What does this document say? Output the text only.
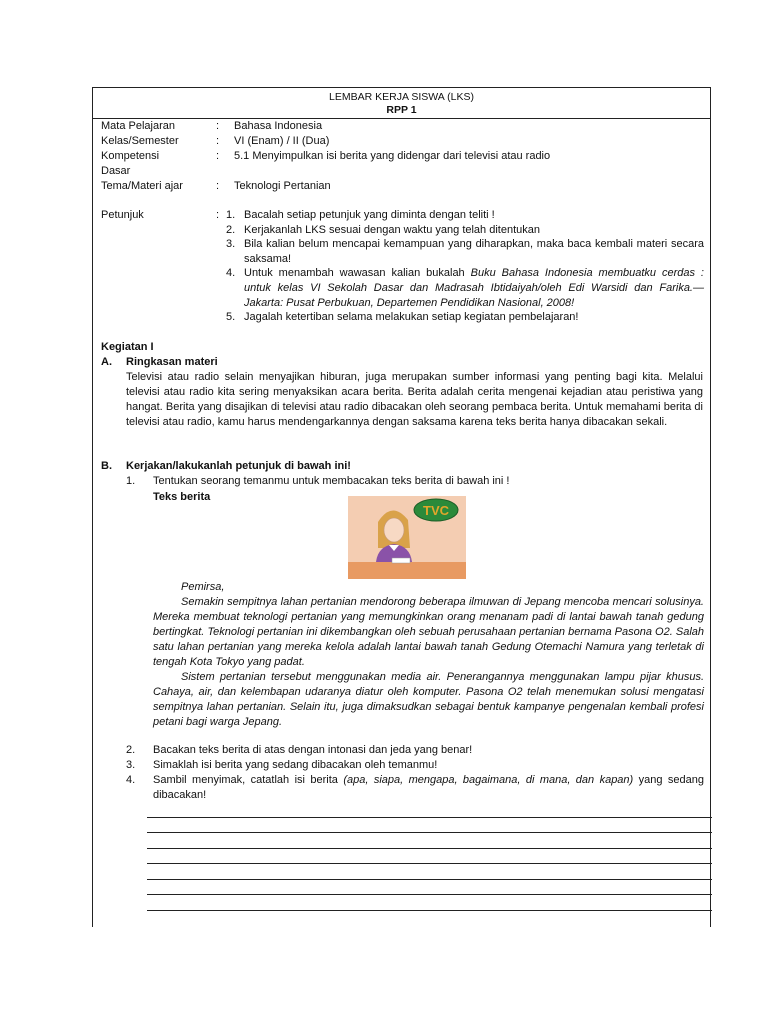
LEMBAR KERJA SISWA (LKS)
RPP 1
Mata Pelajaran	: Bahasa Indonesia
Kelas/Semester	: VI (Enam) / II (Dua)
Kompetensi	: 5.1 Menyimpulkan isi berita yang didengar dari televisi atau radio
Dasar
Tema/Materi ajar	: Teknologi Pertanian
Petunjuk	: 1. Bacalah setiap petunjuk yang diminta dengan teliti !
2. Kerjakanlah LKS sesuai dengan waktu yang telah ditentukan
3. Bila kalian belum mencapai kemampuan yang diharapkan, maka baca kembali materi secara saksama!
4. Untuk menambah wawasan kalian bukalah Buku Bahasa Indonesia membuatku cerdas : untuk kelas VI Sekolah Dasar dan Madrasah Ibtidaiyah/oleh Edi Warsidi dan Farika.— Jakarta: Pusat Perbukuan, Departemen Pendidikan Nasional, 2008!
5. Jagalah ketertiban selama melakukan setiap kegiatan pembelajaran!
Kegiatan I
A. Ringkasan materi
Televisi atau radio selain menyajikan hiburan, juga merupakan sumber informasi yang penting bagi kita. Melalui televisi atau radio kita sering menyaksikan acara berita. Berita adalah cerita mengenai kejadian atau peristiwa yang hangat. Berita yang disajikan di televisi atau radio dibacakan oleh seorang pembaca berita. Untuk memahami berita di televisi atau radio, kamu harus mendengarkannya dengan saksama karena teks berita hanya dibacakan sekali.
B. Kerjakan/lakukanlah petunjuk di bawah ini!
1. Tentukan seorang temanmu untuk membacakan teks berita di bawah ini !
Teks berita
TVC
Pemirsa,
Semakin sempitnya lahan pertanian mendorong beberapa ilmuwan di Jepang mencoba mencari solusinya. Mereka membuat teknologi pertanian yang memungkinkan orang menanam padi di lantai bawah tanah gedung bertingkat. Teknologi pertanian ini dikembangkan oleh sebuah perusahaan pertanian bernama Pasona O2. Salah satu lahan pertanian yang mereka kelola adalah lantai bawah tanah Gedung Otemachi Namura yang terletak di tengah Kota Tokyo yang padat.
Sistem pertanian tersebut menggunakan media air. Penerangannya menggunakan lampu pijar khusus. Cahaya, air, dan kelembapan udaranya diatur oleh komputer. Pasona O2 telah menemukan solusi mengatasi sempitnya lahan pertanian. Selain itu, juga dimaksudkan sebagai bentuk kampanye pengenalan kembali profesi petani bagi warga Jepang.
2. Bacakan teks berita di atas dengan intonasi dan jeda yang benar!
3. Simaklah isi berita yang sedang dibacakan oleh temanmu!
4. Sambil menyimak, catatlah isi berita (apa, siapa, mengapa, bagaimana, di mana, dan kapan) yang sedang dibacakan!
